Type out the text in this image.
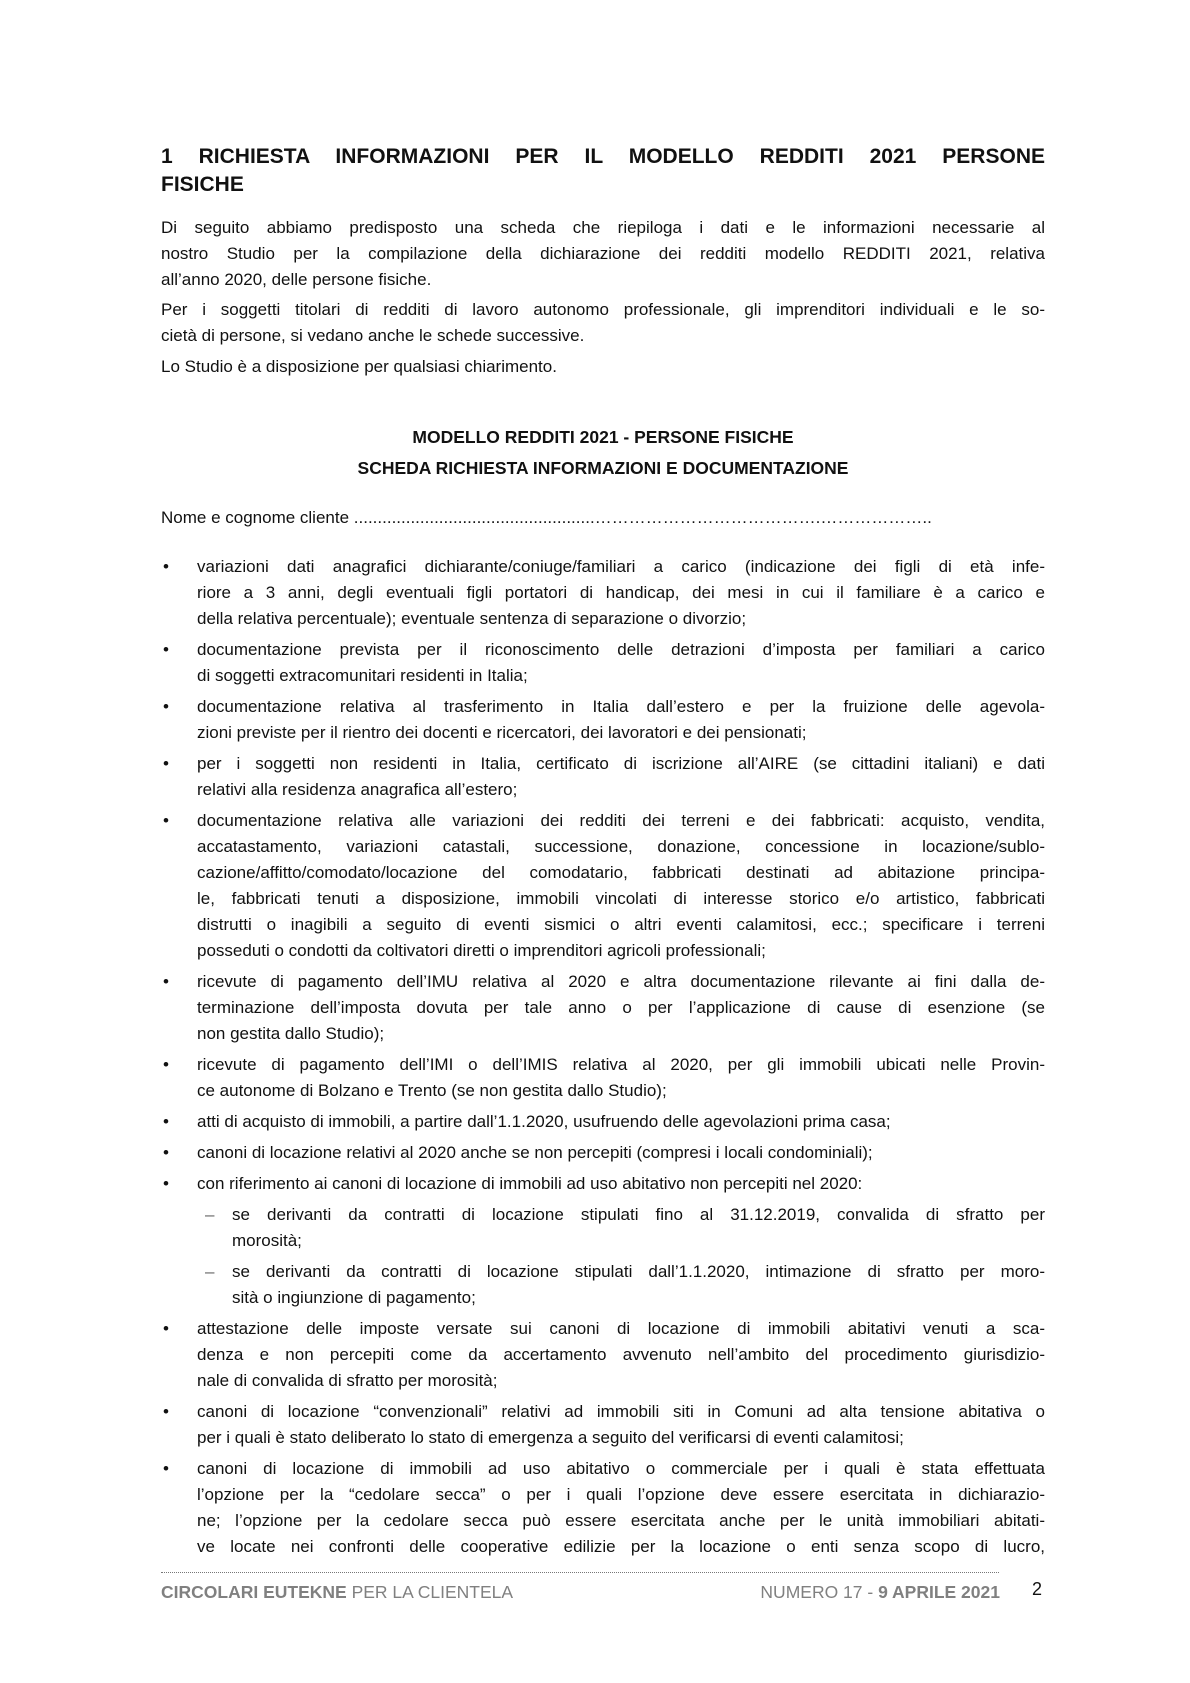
1 RICHIESTA INFORMAZIONI PER IL MODELLO REDDITI 2021 PERSONE
FISICHE
Di seguito abbiamo predisposto una scheda che riepiloga i dati e le informazioni necessarie al
nostro Studio per la compilazione della dichiarazione dei redditi modello REDDITI 2021, relativa
all’anno 2020, delle persone fisiche.
Per i soggetti titolari di redditi di lavoro autonomo professionale, gli imprenditori individuali e le so-
cietà di persone, si vedano anche le schede successive.
Lo Studio è a disposizione per qualsiasi chiarimento.
MODELLO REDDITI 2021 - PERSONE FISICHE
SCHEDA RICHIESTA INFORMAZIONI E DOCUMENTAZIONE
Nome e cognome cliente ...................................................………………………………….………………..
• variazioni dati anagrafici dichiarante/coniuge/familiari a carico (indicazione dei figli di età infe-
riore a 3 anni, degli eventuali figli portatori di handicap, dei mesi in cui il familiare è a carico e
della relativa percentuale); eventuale sentenza di separazione o divorzio;
• documentazione prevista per il riconoscimento delle detrazioni d’imposta per familiari a carico
di soggetti extracomunitari residenti in Italia;
• documentazione relativa al trasferimento in Italia dall’estero e per la fruizione delle agevola-
zioni previste per il rientro dei docenti e ricercatori, dei lavoratori e dei pensionati;
• per i soggetti non residenti in Italia, certificato di iscrizione all’AIRE (se cittadini italiani) e dati
relativi alla residenza anagrafica all’estero;
• documentazione relativa alle variazioni dei redditi dei terreni e dei fabbricati: acquisto, vendita,
accatastamento, variazioni catastali, successione, donazione, concessione in locazione/sublo-
cazione/affitto/comodato/locazione del comodatario, fabbricati destinati ad abitazione principa-
le, fabbricati tenuti a disposizione, immobili vincolati di interesse storico e/o artistico, fabbricati
distrutti o inagibili a seguito di eventi sismici o altri eventi calamitosi, ecc.; specificare i terreni
posseduti o condotti da coltivatori diretti o imprenditori agricoli professionali;
• ricevute di pagamento dell’IMU relativa al 2020 e altra documentazione rilevante ai fini dalla de-
terminazione dell’imposta dovuta per tale anno o per l’applicazione di cause di esenzione (se
non gestita dallo Studio);
• ricevute di pagamento dell’IMI o dell’IMIS relativa al 2020, per gli immobili ubicati nelle Provin-
ce autonome di Bolzano e Trento (se non gestita dallo Studio);
• atti di acquisto di immobili, a partire dall’1.1.2020, usufruendo delle agevolazioni prima casa;
• canoni di locazione relativi al 2020 anche se non percepiti (compresi i locali condominiali);
• con riferimento ai canoni di locazione di immobili ad uso abitativo non percepiti nel 2020:
– se derivanti da contratti di locazione stipulati fino al 31.12.2019, convalida di sfratto per
morosità;
– se derivanti da contratti di locazione stipulati dall’1.1.2020, intimazione di sfratto per moro-
sità o ingiunzione di pagamento;
• attestazione delle imposte versate sui canoni di locazione di immobili abitativi venuti a sca-
denza e non percepiti come da accertamento avvenuto nell’ambito del procedimento giurisdizio-
nale di convalida di sfratto per morosità;
• canoni di locazione “convenzionali” relativi ad immobili siti in Comuni ad alta tensione abitativa o
per i quali è stato deliberato lo stato di emergenza a seguito del verificarsi di eventi calamitosi;
• canoni di locazione di immobili ad uso abitativo o commerciale per i quali è stata effettuata
l’opzione per la “cedolare secca” o per i quali l’opzione deve essere esercitata in dichiarazio-
ne; l’opzione per la cedolare secca può essere esercitata anche per le unità immobiliari abitati-
ve locate nei confronti delle cooperative edilizie per la locazione o enti senza scopo di lucro,
CIRCOLARI EUTEKNE PER LA CLIENTELA	NUMERO 17 - 9 APRILE 2021 2
